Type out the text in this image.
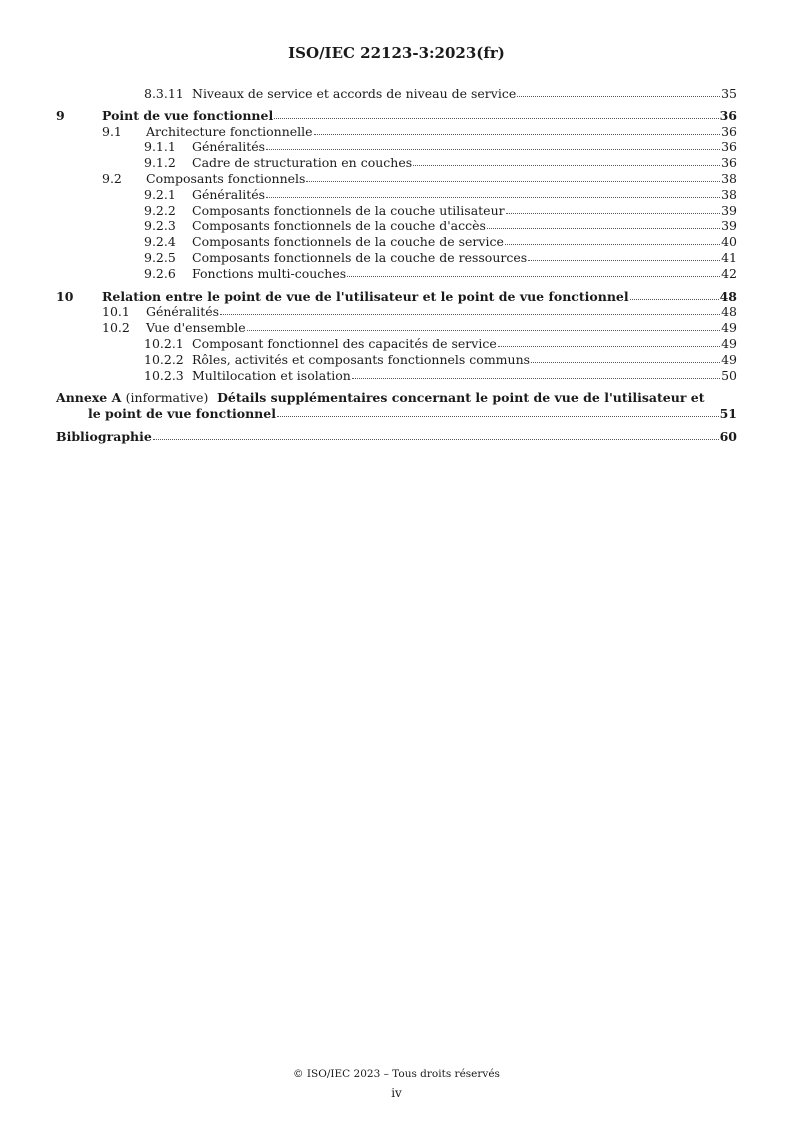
ISO/IEC 22123-3:2023(fr)
8.3.11 Niveaux de service et accords de niveau de service	35
9	Point de vue fonctionnel	36
9.1	Architecture fonctionnelle	36
9.1.1	Généralités	36
9.1.2	Cadre de structuration en couches	36
9.2	Composants fonctionnels	38
9.2.1	Généralités	38
9.2.2	Composants fonctionnels de la couche utilisateur	39
9.2.3	Composants fonctionnels de la couche d'accès	39
9.2.4	Composants fonctionnels de la couche de service	40
9.2.5	Composants fonctionnels de la couche de ressources	41
9.2.6	Fonctions multi-couches	42
10	Relation entre le point de vue de l'utilisateur et le point de vue fonctionnel	48
10.1	Généralités	48
10.2	Vue d'ensemble	49
10.2.1 Composant fonctionnel des capacités de service	49
10.2.2 Rôles, activités et composants fonctionnels communs	49
10.2.3 Multilocation et isolation	50
Annexe A (informative) Détails supplémentaires concernant le point de vue de l'utilisateur et
le point de vue fonctionnel	51
Bibliographie	60
© ISO/IEC 2023 – Tous droits réservés
iv
